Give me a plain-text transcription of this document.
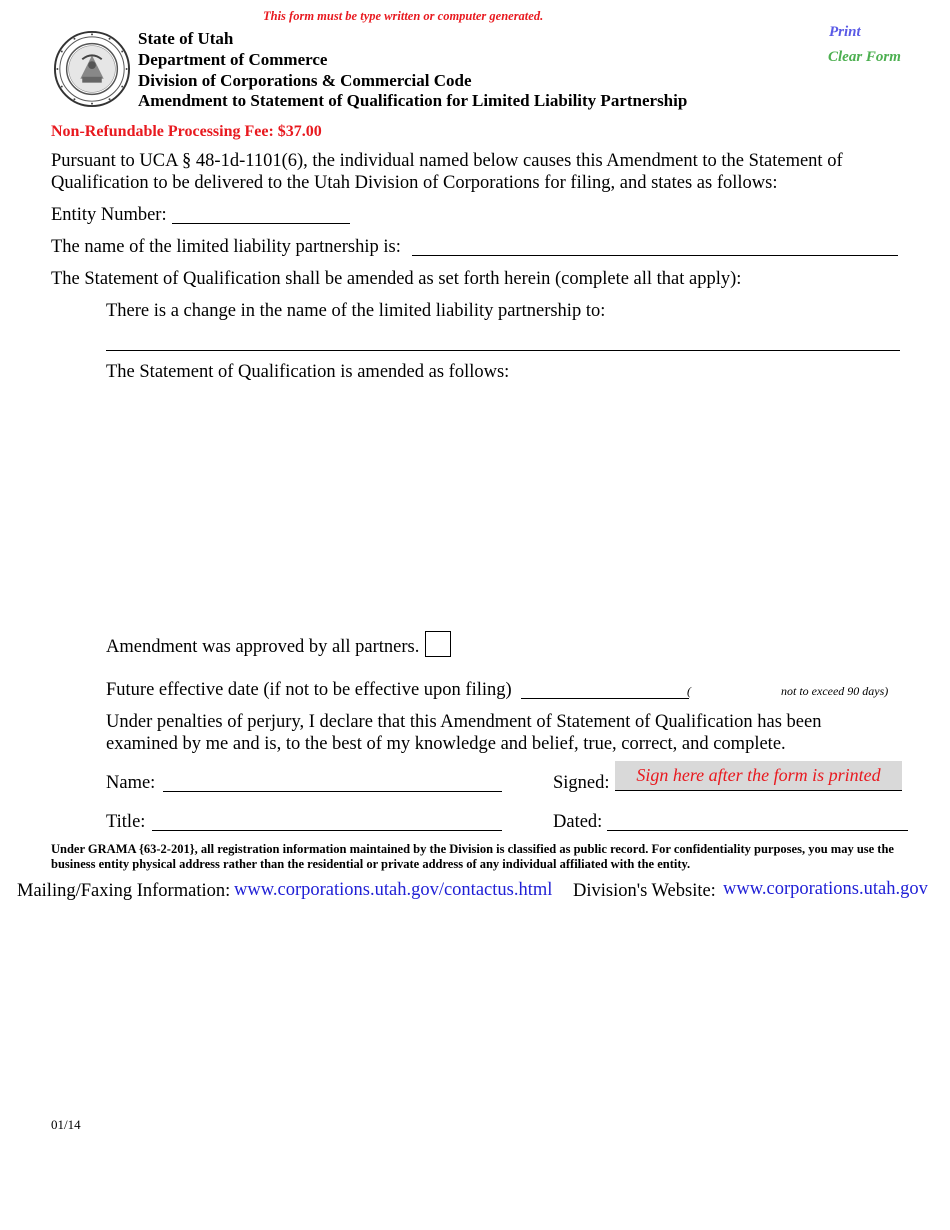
This form must be type written or computer generated.
State of Utah
Department of Commerce
Division of Corporations & Commercial Code
Amendment to Statement of Qualification for Limited Liability Partnership
Print
Clear Form
Non-Refundable Processing Fee: $37.00
Pursuant to UCA § 48-1d-1101(6), the individual named below causes this Amendment to the Statement of
Qualification to be delivered to the Utah Division of Corporations for filing, and states as follows:
Entity Number:
The name of the limited liability partnership is:
The Statement of Qualification shall be amended as set forth herein (complete all that apply):
There is a change in the name of the limited liability partnership to:
The Statement of Qualification is amended as follows:
Amendment was approved by all partners.
Future effective date (if not to be effective upon filing)	(	not to exceed 90 days)
Under penalties of perjury, I declare that this Amendment of Statement of Qualification has been
examined by me and is, to the best of my knowledge and belief, true, correct, and complete.
Name:	Signed:	Sign here after the form is printed
Title:	Dated:
Under GRAMA {63-2-201}, all registration information maintained by the Division is classified as public record. For confidentiality purposes, you may use the business entity physical address rather than the residential or private address of any individual affiliated with the entity.
Mailing/Faxing Information: www.corporations.utah.gov/contactus.html Division's Website: www.corporations.utah.gov
01/14
